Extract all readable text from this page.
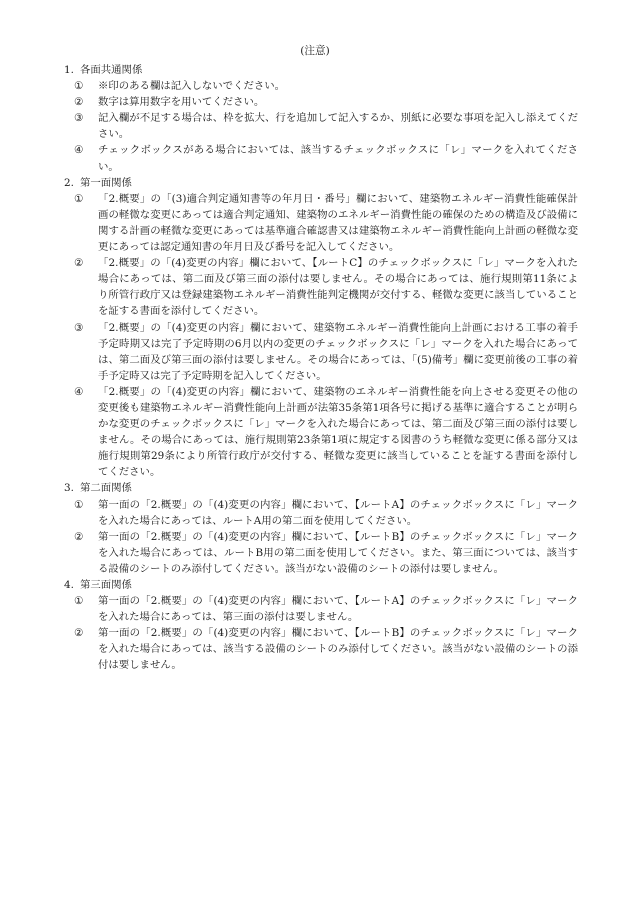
(注意)
1. 各面共通関係
①	※印のある欄は記入しないでください。
②	数字は算用数字を用いてください。
③	記入欄が不足する場合は、枠を拡大、行を追加して記入するか、別紙に必要な事項を記入し添えてください。
④	チェックボックスがある場合においては、該当するチェックボックスに「レ」マークを入れてください。
2. 第一面関係
①	「2.概要」の「(3)適合判定通知書等の年月日・番号」欄において、建築物エネルギー消費性能確保計画の軽微な変更にあっては適合判定通知、建築物のエネルギー消費性能の確保のための構造及び設備に関する計画の軽微な変更にあっては基準適合確認書又は建築物エネルギー消費性能向上計画の軽微な変更にあっては認定通知書の年月日及び番号を記入してください。
②	「2.概要」の「(4)変更の内容」欄において、【ルートC】のチェックボックスに「レ」マークを入れた場合にあっては、第二面及び第三面の添付は要しません。その場合にあっては、施行規則第11条により所管行政庁又は登録建築物エネルギー消費性能判定機関が交付する、軽微な変更に該当していることを証する書面を添付してください。
③	「2.概要」の「(4)変更の内容」欄において、建築物エネルギー消費性能向上計画における工事の着手予定時期又は完了予定時期の6月以内の変更のチェックボックスに「レ」マークを入れた場合にあっては、第二面及び第三面の添付は要しません。その場合にあっては、「(5)備考」欄に変更前後の工事の着手予定時又は完了予定時期を記入してください。
④	「2.概要」の「(4)変更の内容」欄において、建築物のエネルギー消費性能を向上させる変更その他の変更後も建築物エネルギー消費性能向上計画が法第35条第1項各号に掲げる基準に適合することが明らかな変更のチェックボックスに「レ」マークを入れた場合にあっては、第二面及び第三面の添付は要しません。その場合にあっては、施行規則第23条第1項に規定する図書のうち軽微な変更に係る部分又は施行規則第29条により所管行政庁が交付する、軽微な変更に該当していることを証する書面を添付してください。
3. 第二面関係
①	第一面の「2.概要」の「(4)変更の内容」欄において、【ルートA】のチェックボックスに「レ」マークを入れた場合にあっては、ルートA用の第二面を使用してください。
②	第一面の「2.概要」の「(4)変更の内容」欄において、【ルートB】のチェックボックスに「レ」マークを入れた場合にあっては、ルートB用の第二面を使用してください。また、第三面については、該当する設備のシートのみ添付してください。該当がない設備のシートの添付は要しません。
4. 第三面関係
①	第一面の「2.概要」の「(4)変更の内容」欄において、【ルートA】のチェックボックスに「レ」マークを入れた場合にあっては、第三面の添付は要しません。
②	第一面の「2.概要」の「(4)変更の内容」欄において、【ルートB】のチェックボックスに「レ」マークを入れた場合にあっては、該当する設備のシートのみ添付してください。該当がない設備のシートの添付は要しません。
